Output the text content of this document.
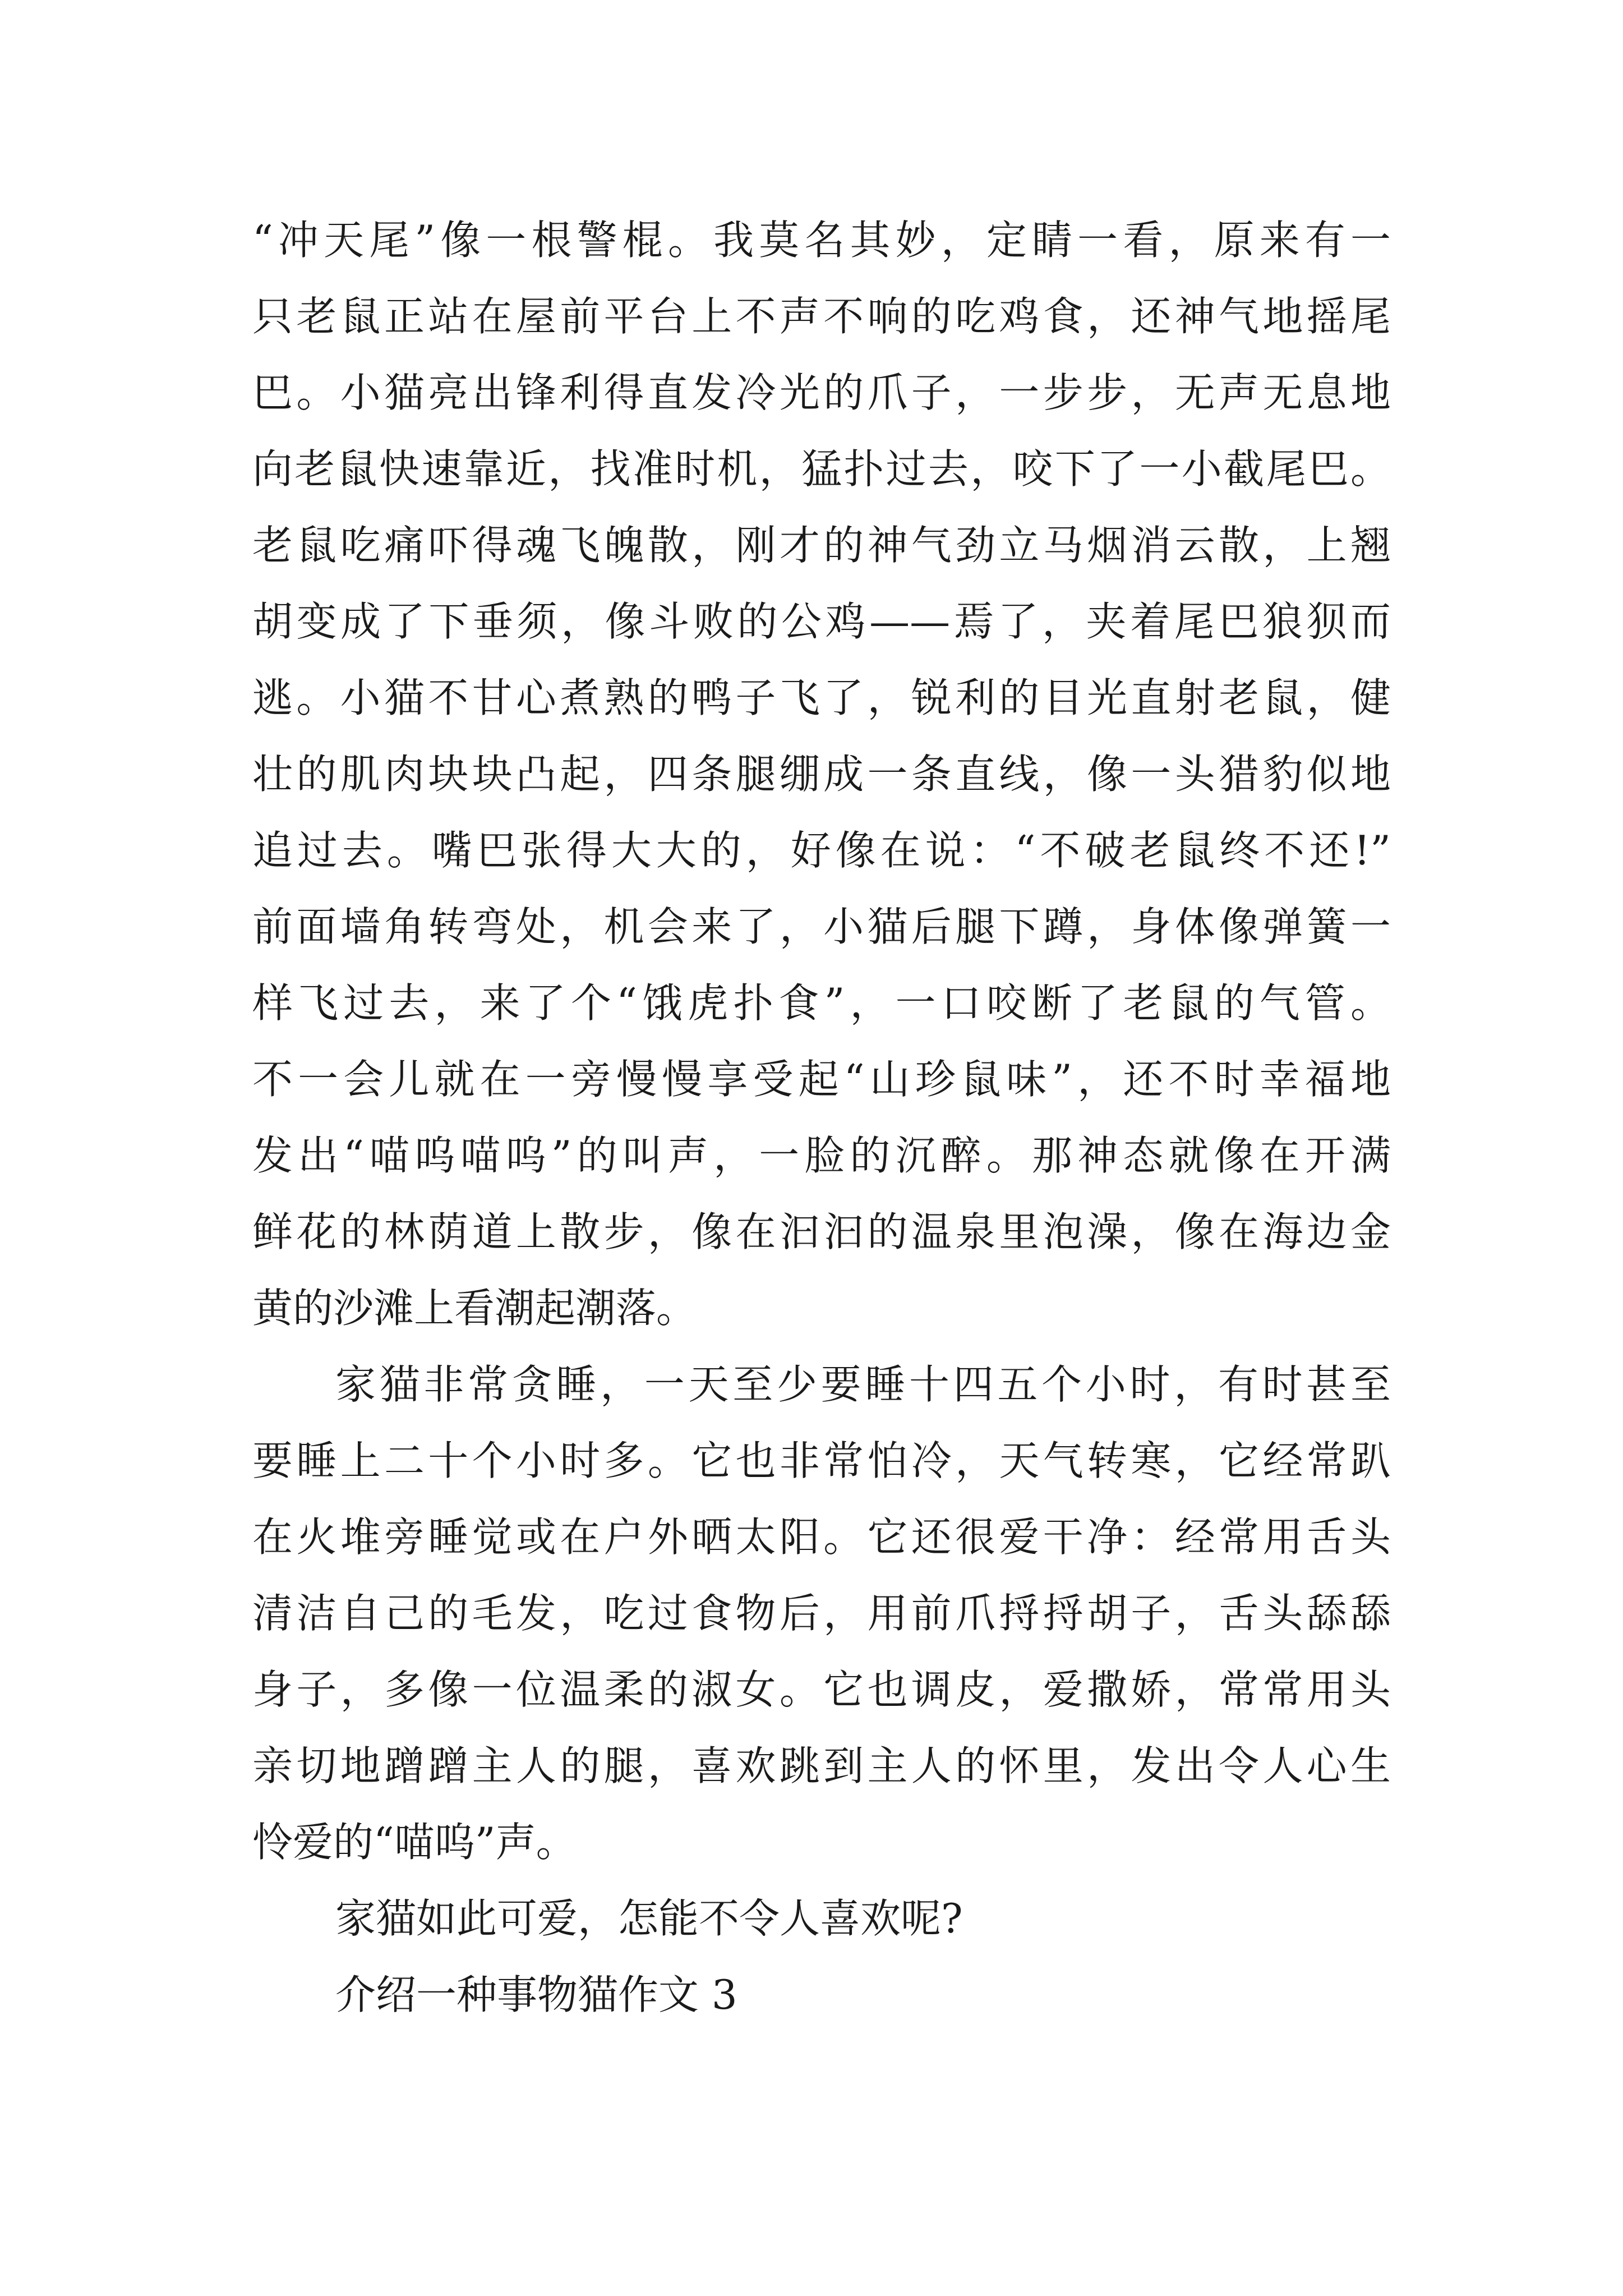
“冲天尾”像一根警棍。我莫名其妙，定睛一看，原来有一
只老鼠正站在屋前平台上不声不响的吃鸡食，还神气地摇尾
巴。小猫亮出锋利得直发冷光的爪子，一步步，无声无息地
向老鼠快速靠近，找准时机，猛扑过去，咬下了一小截尾巴。
老鼠吃痛吓得魂飞魄散，刚才的神气劲立马烟消云散，上翘
胡变成了下垂须，像斗败的公鸡——焉了，夹着尾巴狼狈而
逃。小猫不甘心煮熟的鸭子飞了，锐利的目光直射老鼠，健
壮的肌肉块块凸起，四条腿绷成一条直线，像一头猎豹似地
追过去。嘴巴张得大大的，好像在说：“不破老鼠终不还!”
前面墙角转弯处，机会来了，小猫后腿下蹲，身体像弹簧一
样飞过去，来了个“饿虎扑食”，一口咬断了老鼠的气管。
不一会儿就在一旁慢慢享受起“山珍鼠味”，还不时幸福地
发出“喵呜喵呜”的叫声，一脸的沉醉。那神态就像在开满
鲜花的林荫道上散步，像在汩汩的温泉里泡澡，像在海边金
黄的沙滩上看潮起潮落。
家猫非常贪睡，一天至少要睡十四五个小时，有时甚至
要睡上二十个小时多。它也非常怕冷，天气转寒，它经常趴
在火堆旁睡觉或在户外晒太阳。它还很爱干净：经常用舌头
清洁自己的毛发，吃过食物后，用前爪捋捋胡子，舌头舔舔
身子，多像一位温柔的淑女。它也调皮，爱撒娇，常常用头
亲切地蹭蹭主人的腿，喜欢跳到主人的怀里，发出令人心生
怜爱的“喵呜”声。
家猫如此可爱，怎能不令人喜欢呢?
介绍一种事物猫作文 3
